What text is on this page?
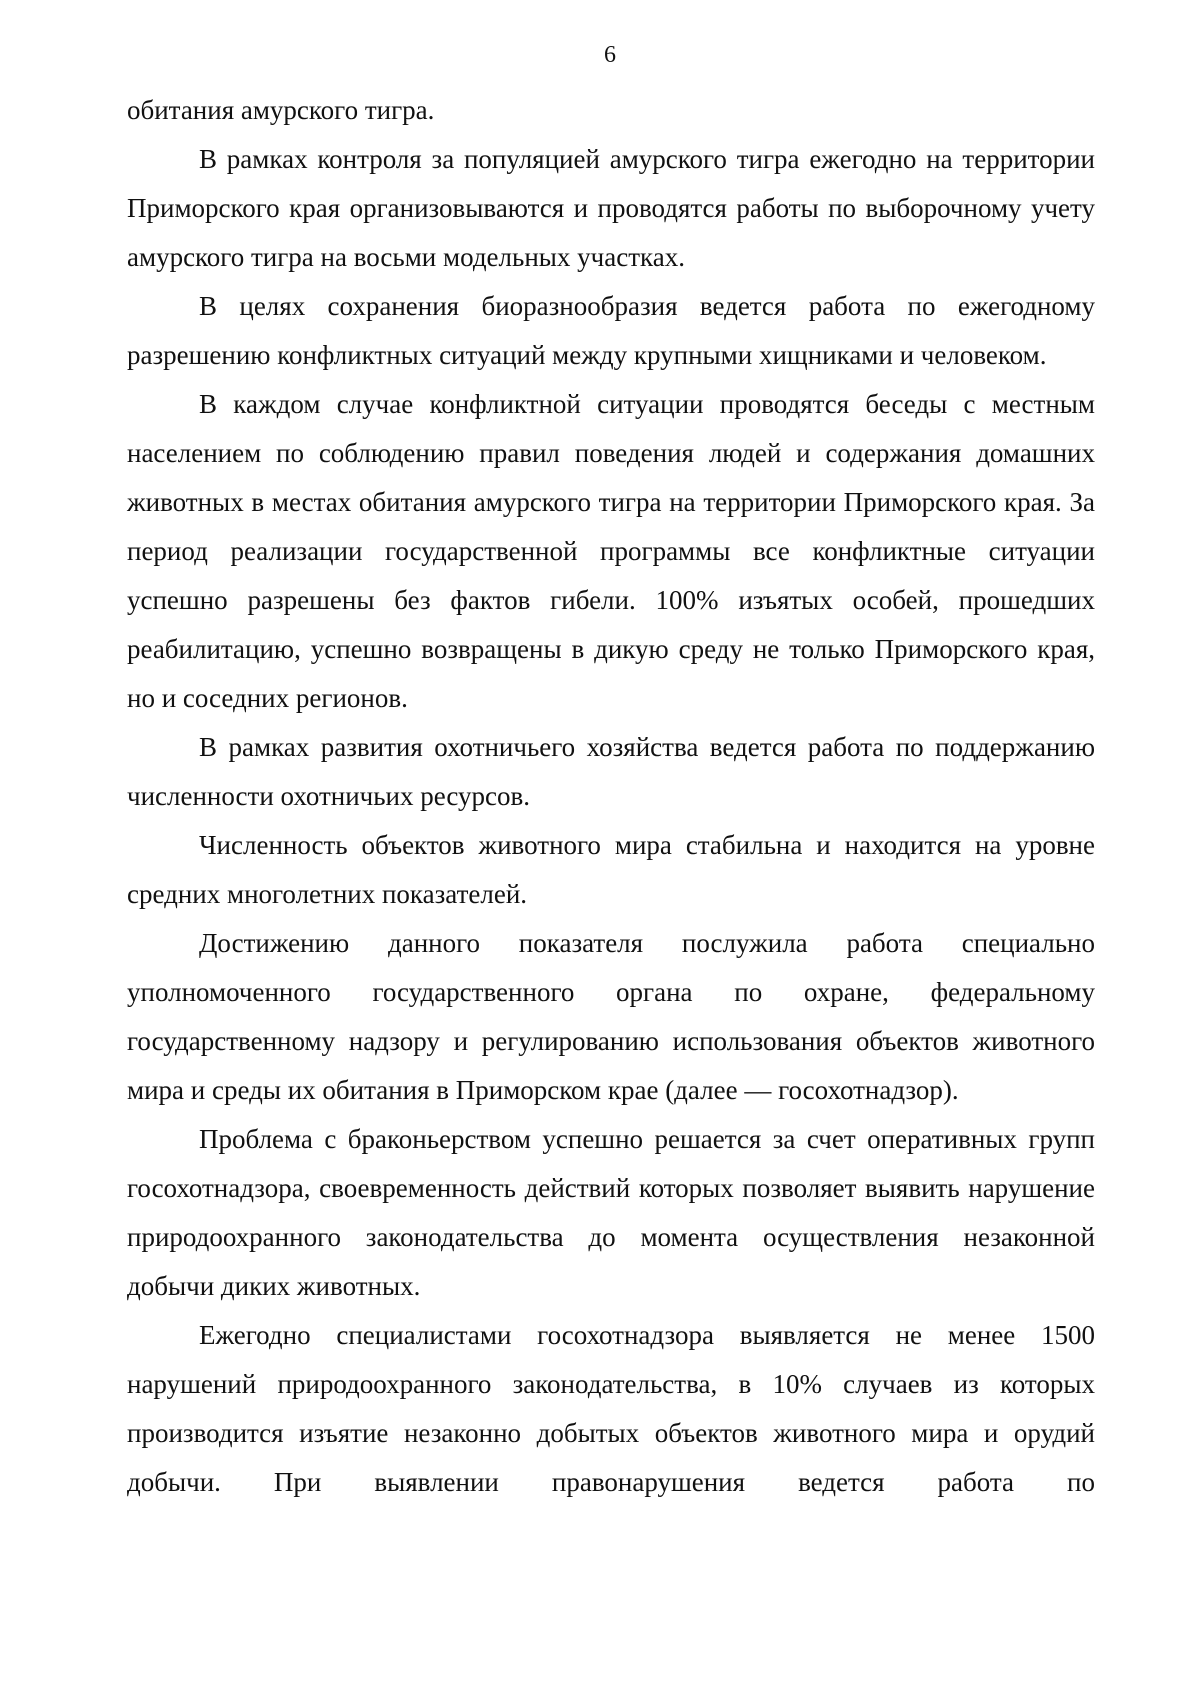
6

обитания амурского тигра.

В рамках контроля за популяцией амурского тигра ежегодно на территории Приморского края организовываются и проводятся работы по выборочному учету амурского тигра на восьми модельных участках.

В целях сохранения биоразнообразия ведется работа по ежегодному разрешению конфликтных ситуаций между крупными хищниками и человеком.

В каждом случае конфликтной ситуации проводятся беседы с местным населением по соблюдению правил поведения людей и содержания домашних животных в местах обитания амурского тигра на территории Приморского края. За период реализации государственной программы все конфликтные ситуации успешно разрешены без фактов гибели. 100% изъятых особей, прошедших реабилитацию, успешно возвращены в дикую среду не только Приморского края, но и соседних регионов.

В рамках развития охотничьего хозяйства ведется работа по поддержанию численности охотничьих ресурсов.

Численность объектов животного мира стабильна и находится на уровне средних многолетних показателей.

Достижению данного показателя послужила работа специально уполномоченного государственного органа по охране, федеральному государственному надзору и регулированию использования объектов животного мира и среды их обитания в Приморском крае (далее — госохотнадзор).

Проблема с браконьерством успешно решается за счет оперативных групп госохотнадзора, своевременность действий которых позволяет выявить нарушение природоохранного законодательства до момента осуществления незаконной добычи диких животных.

Ежегодно специалистами госохотнадзора выявляется не менее 1500 нарушений природоохранного законодательства, в 10% случаев из которых производится изъятие незаконно добытых объектов животного мира и орудий добычи. При выявлении правонарушения ведется работа по
